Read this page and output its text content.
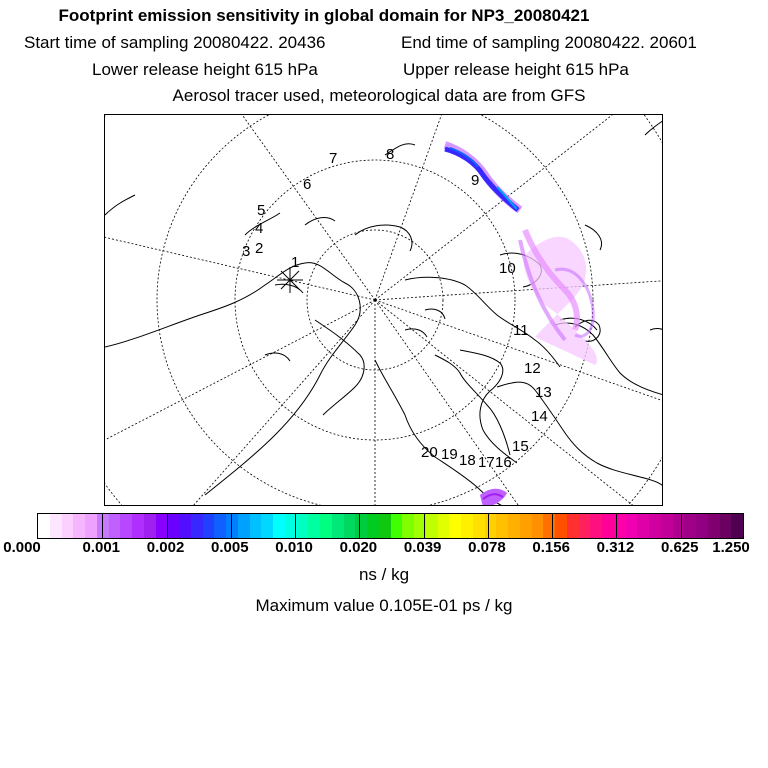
Footprint emission sensitivity in global domain for NP3_20080421
Start time of sampling 20080422. 20436	End time of sampling 20080422. 20601
Lower release height 615 hPa	Upper release height 615 hPa
Aerosol tracer used, meteorological data are from GFS
1
2
3
4
5
6
7	8
9
10
11
12
13
14
15
16
17
18
19
20
0.000	0.001 0.002 0.005 0.010 0.020 0.039 0.078 0.156 0.312 0.625 1.250
ns / kg
Maximum value 0.105E-01 ps / kg
